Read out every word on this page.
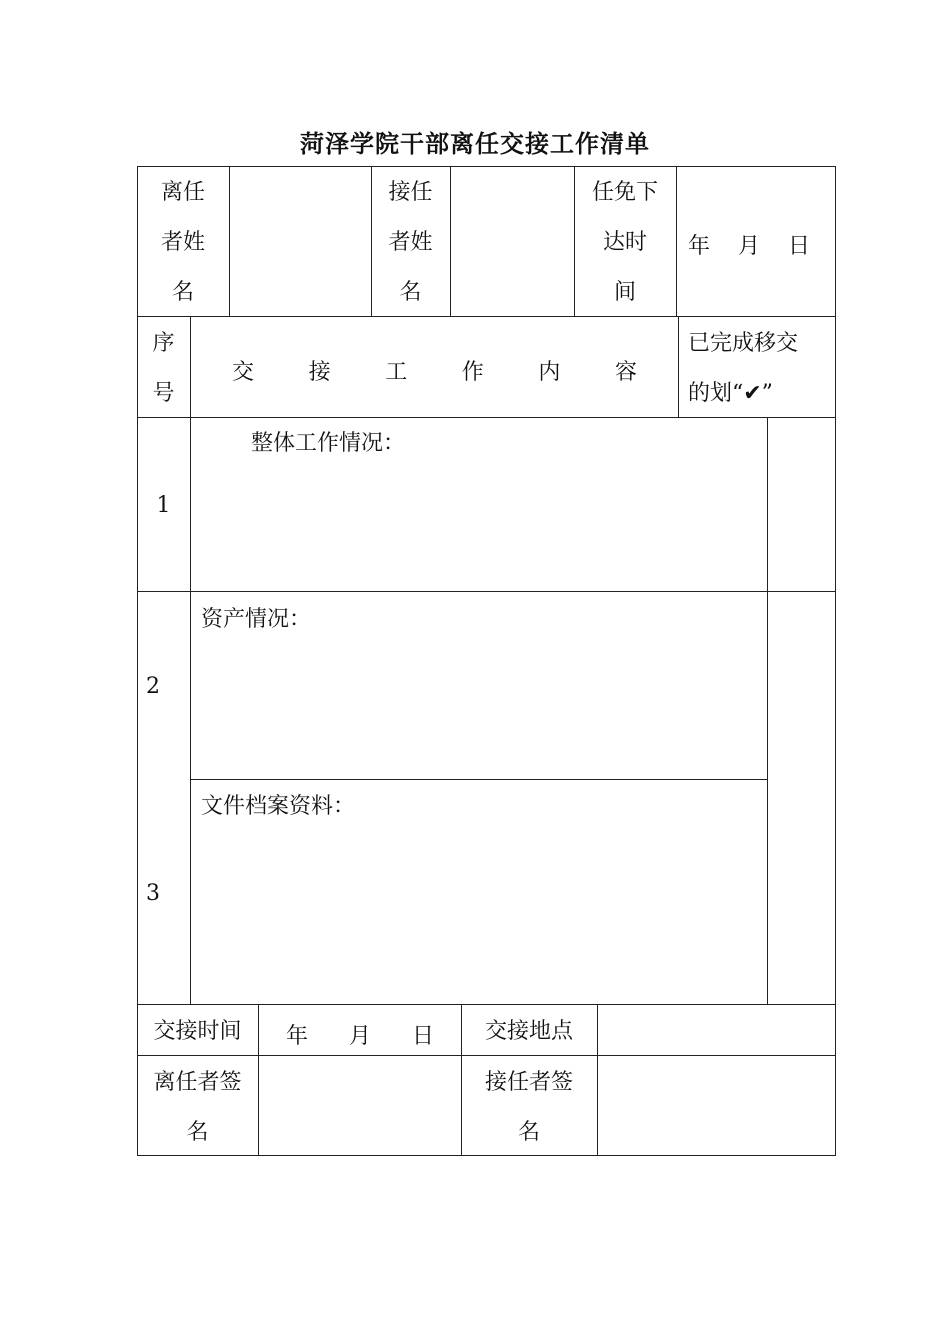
菏泽学院干部离任交接工作清单
离任
者姓
名
接任
者姓
名
任免下
达时
间
年 月 日
序
号
交 接 工 作 内 容
已完成移交
的划“✔”
1
整体工作情况：
2
资产情况：
3
文件档案资料：
交接时间	年 月 日	交接地点
离任者签
名
接任者签
名
